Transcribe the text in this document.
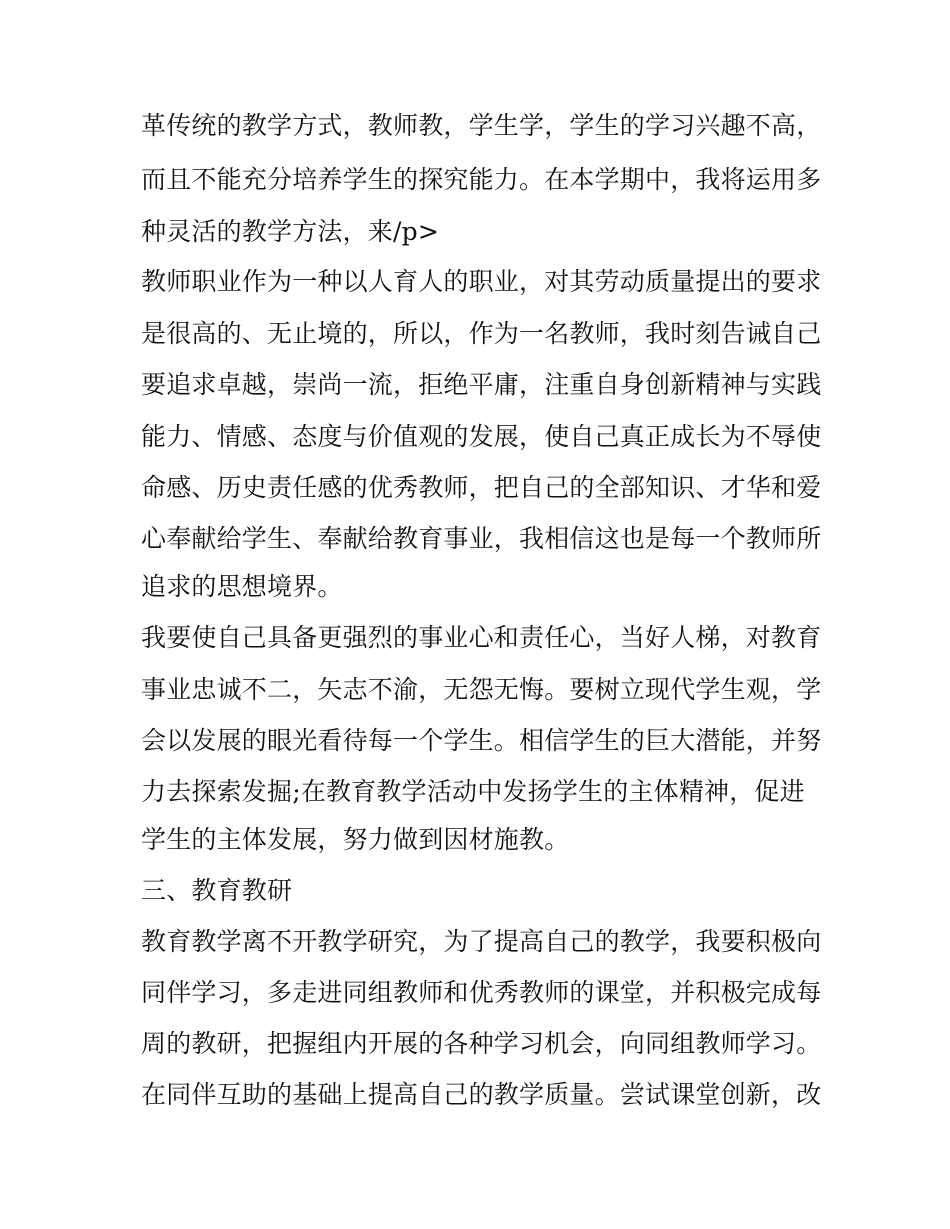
革传统的教学方式，教师教，学生学，学生的学习兴趣不高，
而且不能充分培养学生的探究能力。在本学期中，我将运用多
种灵活的教学方法，来/p>
教师职业作为一种以人育人的职业，对其劳动质量提出的要求
是很高的、无止境的，所以，作为一名教师，我时刻告诫自己
要追求卓越，崇尚一流，拒绝平庸，注重自身创新精神与实践
能力、情感、态度与价值观的发展，使自己真正成长为不辱使
命感、历史责任感的优秀教师，把自己的全部知识、才华和爱
心奉献给学生、奉献给教育事业，我相信这也是每一个教师所
追求的思想境界。
我要使自己具备更强烈的事业心和责任心，当好人梯，对教育
事业忠诚不二，矢志不渝，无怨无悔。要树立现代学生观，学
会以发展的眼光看待每一个学生。相信学生的巨大潜能，并努
力去探索发掘;在教育教学活动中发扬学生的主体精神，促进
学生的主体发展，努力做到因材施教。
三、教育教研
教育教学离不开教学研究，为了提高自己的教学，我要积极向
同伴学习，多走进同组教师和优秀教师的课堂，并积极完成每
周的教研，把握组内开展的各种学习机会，向同组教师学习。
在同伴互助的基础上提高自己的教学质量。尝试课堂创新，改
